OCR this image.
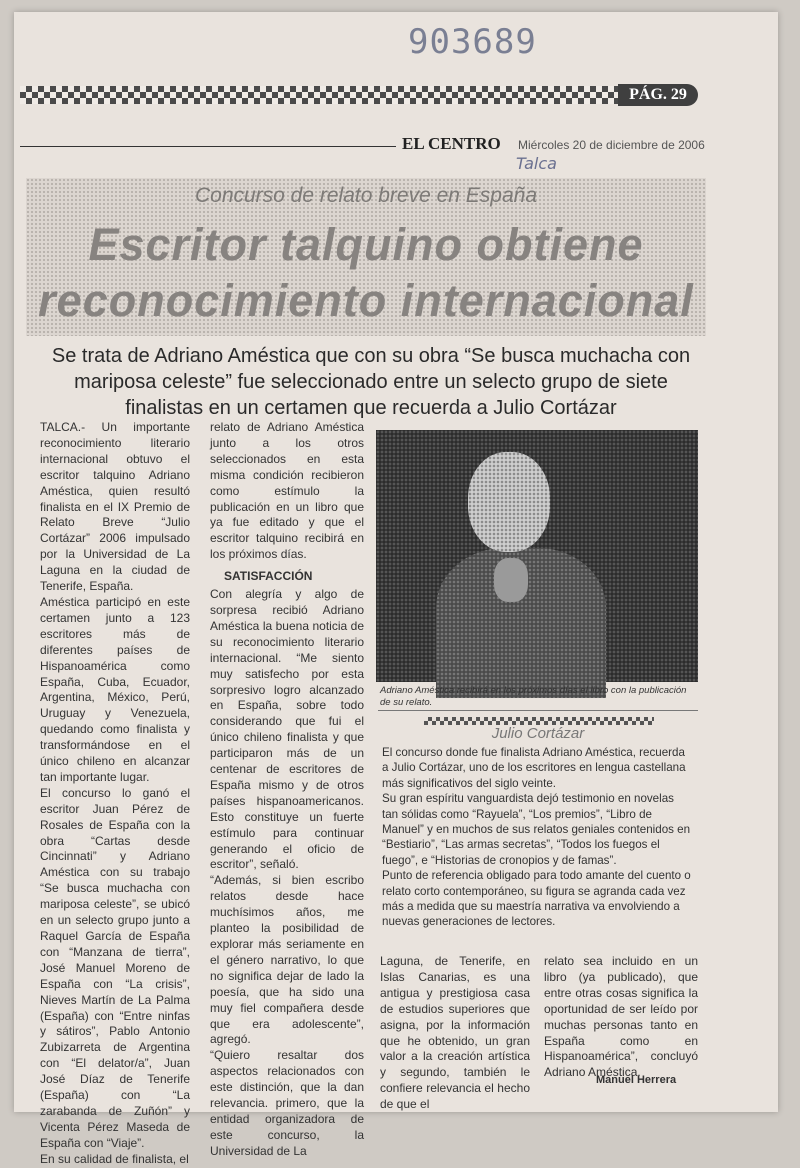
903689
PÁG. 29
EL CENTRO Miércoles 20 de diciembre de 2006
Talca
Concurso de relato breve en España
Escritor talquino obtiene reconocimiento internacional
Se trata de Adriano Améstica que con su obra “Se busca muchacha con mariposa celeste” fue seleccionado entre un selecto grupo de siete finalistas en un certamen que recuerda a Julio Cortázar

TALCA.- Un importante reconocimiento literario internacional obtuvo el escritor talquino Adriano Améstica, quien resultó finalista en el IX Premio de Relato Breve “Julio Cortázar” 2006 impulsado por la Universidad de La Laguna en la ciudad de Tenerife, España.

Améstica participó en este certamen junto a 123 escritores más de diferentes países de Hispanoamérica como España, Cuba, Ecuador, Argentina, México, Perú, Uruguay y Venezuela, quedando como finalista y transformándose en el único chileno en alcanzar tan importante lugar.

El concurso lo ganó el escritor Juan Pérez de Rosales de España con la obra “Cartas desde Cincinnati” y Adriano Améstica con su trabajo “Se busca muchacha con mariposa celeste”, se ubicó en un selecto grupo junto a Raquel García de España con “Manzana de tierra”, José Manuel Moreno de España con “La crisis”, Nieves Martín de La Palma (España) con “Entre ninfas y sátiros”, Pablo Antonio Zubizarreta de Argentina con “El delator/a”, Juan José Díaz de Tenerife (España) con “La zarabanda de Zuñón” y Vicenta Pérez Maseda de España con “Viaje”.

En su calidad de finalista, el

relato de Adriano Améstica junto a los otros seleccionados en esta misma condición recibieron como estímulo la publicación en un libro que ya fue editado y que el escritor talquino recibirá en los próximos días.

SATISFACCIÓN

Con alegría y algo de sorpresa recibió Adriano Améstica la buena noticia de su reconocimiento literario internacional. “Me siento muy satisfecho por esta sorpresivo logro alcanzado en España, sobre todo considerando que fui el único chileno finalista y que participaron más de un centenar de escritores de España mismo y de otros países hispanoamericanos. Esto constituye un fuerte estímulo para continuar generando el oficio de escritor”, señaló.

“Además, si bien escribo relatos desde hace muchísimos años, me planteo la posibilidad de explorar más seriamente en el género narrativo, lo que no significa dejar de lado la poesía, que ha sido una muy fiel compañera desde que era adolescente”, agregó.

“Quiero resaltar dos aspectos relacionados con este distinción, que la dan relevancia. primero, que la entidad organizadora de este concurso, la Universidad de La

Adriano Améstica recibirá en los próximos días el libro con la publicación de su relato.
Julio Cortázar

El concurso donde fue finalista Adriano Améstica, recuerda a Julio Cortázar, uno de los escritores en lengua castellana más significativos del siglo veinte.

Su gran espíritu vanguardista dejó testimonio en novelas tan sólidas como “Rayuela”, “Los premios”, “Libro de Manuel” y en muchos de sus relatos geniales contenidos en “Bestiario”, “Las armas secretas”, “Todos los fuegos el fuego”, e “Historias de cronopios y de famas”.

Punto de referencia obligado para todo amante del cuento o relato corto contemporáneo, su figura se agranda cada vez más a medida que su maestría narrativa va envolviendo a nuevas generaciones de lectores.

Laguna, de Tenerife, en Islas Canarias, es una antigua y prestigiosa casa de estudios superiores que asigna, por la información que he obtenido, un gran valor a la creación artística y segundo, también le confiere relevancia el hecho de que el

relato sea incluido en un libro (ya publicado), que entre otras cosas significa la oportunidad de ser leído por muchas personas tanto en España como en Hispanoamérica”, concluyó Adriano Améstica.

Manuel Herrera
